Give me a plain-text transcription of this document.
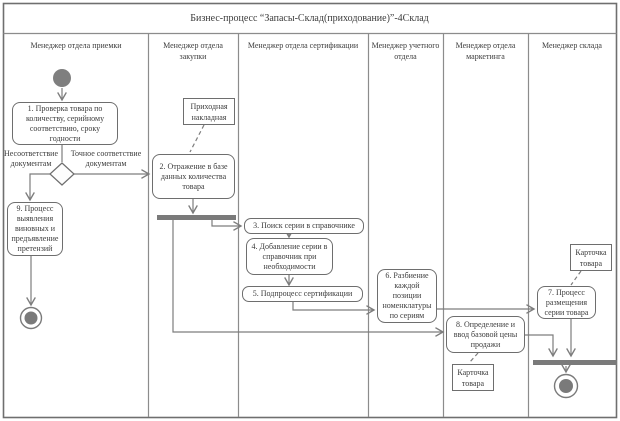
Бизнес-процесс “Запасы-Склад(приходование)”-4Склад
Менеджер отдела приемки	Менеджер отдела закупки
Менеджер отдела сертификации	Менеджер учетного отдела
Менеджер отдела маркетинга
Менеджер склада
1. Проверка товара по количеству, серийному соответствию, сроку годности
9. Процесс выявления виновных и предъявление претензий
2. Отражение в базе данных количества товара
3. Поиск серии в справочнике
4. Добавление серии в справочник при необходимости
5. Подпроцесс сертификации
6. Разбиение каждой позиции номенклатуры по сериям
8. Определение и ввод базовой цены продажи
7. Процесс размещения серии товара
Приходная накладная
Карточка товара
Карточка товара
Несоответствие документам
Точное соответствие документам
